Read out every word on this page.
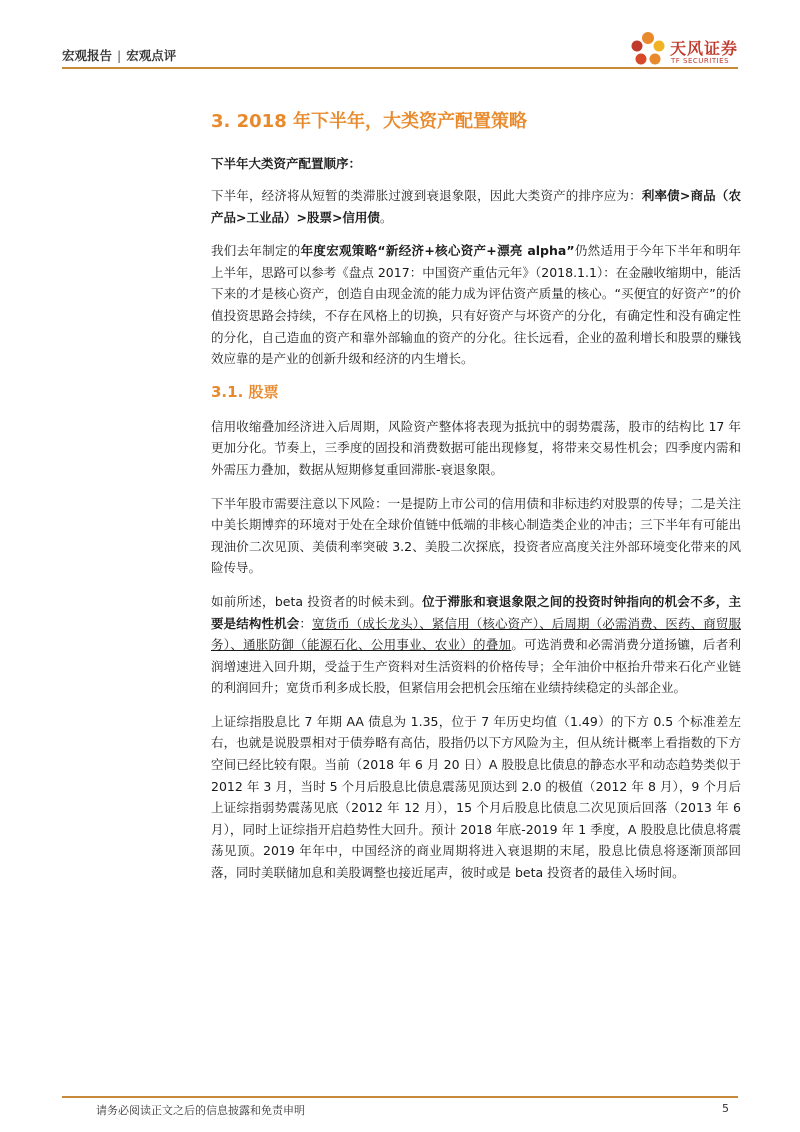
宏观报告 | 宏观点评	天风证券
TF SECURITIES
3. 2018 年下半年，大类资产配置策略

下半年大类资产配置顺序：

下半年，经济将从短暂的类滞胀过渡到衰退象限，因此大类资产的排序应为：利率债>商品（农产品>工业品）>股票>信用债。

我们去年制定的年度宏观策略“新经济+核心资产+漂亮 alpha”仍然适用于今年下半年和明年上半年，思路可以参考《盘点 2017：中国资产重估元年》（2018.1.1）：在金融收缩期中，能活下来的才是核心资产，创造自由现金流的能力成为评估资产质量的核心。“买便宜的好资产”的价值投资思路会持续，不存在风格上的切换，只有好资产与坏资产的分化，有确定性和没有确定性的分化，自己造血的资产和靠外部输血的资产的分化。往长远看，企业的盈利增长和股票的赚钱效应靠的是产业的创新升级和经济的内生增长。

3.1. 股票

信用收缩叠加经济进入后周期，风险资产整体将表现为抵抗中的弱势震荡，股市的结构比 17 年更加分化。节奏上，三季度的固投和消费数据可能出现修复，将带来交易性机会；四季度内需和外需压力叠加，数据从短期修复重回滞胀-衰退象限。

下半年股市需要注意以下风险：一是提防上市公司的信用债和非标违约对股票的传导；二是关注中美长期博弈的环境对于处在全球价值链中低端的非核心制造类企业的冲击；三下半年有可能出现油价二次见顶、美债利率突破 3.2、美股二次探底，投资者应高度关注外部环境变化带来的风险传导。

如前所述，beta 投资者的时候未到。位于滞胀和衰退象限之间的投资时钟指向的机会不多，主要是结构性机会：宽货币（成长龙头）、紧信用（核心资产）、后周期（必需消费、医药、商贸服务）、通胀防御（能源石化、公用事业、农业）的叠加。可选消费和必需消费分道扬镳，后者利润增速进入回升期，受益于生产资料对生活资料的价格传导；全年油价中枢抬升带来石化产业链的利润回升；宽货币利多成长股，但紧信用会把机会压缩在业绩持续稳定的头部企业。

上证综指股息比 7 年期 AA 债息为 1.35，位于 7 年历史均值（1.49）的下方 0.5 个标准差左右，也就是说股票相对于债券略有高估，股指仍以下方风险为主，但从统计概率上看指数的下方空间已经比较有限。当前（2018 年 6 月 20 日）A 股股息比债息的静态水平和动态趋势类似于 2012 年 3 月，当时 5 个月后股息比债息震荡见顶达到 2.0 的极值（2012 年 8 月），9 个月后上证综指弱势震荡见底（2012 年 12 月），15 个月后股息比债息二次见顶后回落（2013 年 6 月），同时上证综指开启趋势性大回升。预计 2018 年底-2019 年 1 季度，A 股股息比债息将震荡见顶。2019 年年中，中国经济的商业周期将进入衰退期的末尾，股息比债息将逐渐顶部回落，同时美联储加息和美股调整也接近尾声，彼时或是 beta 投资者的最佳入场时间。

请务必阅读正文之后的信息披露和免责申明	5
